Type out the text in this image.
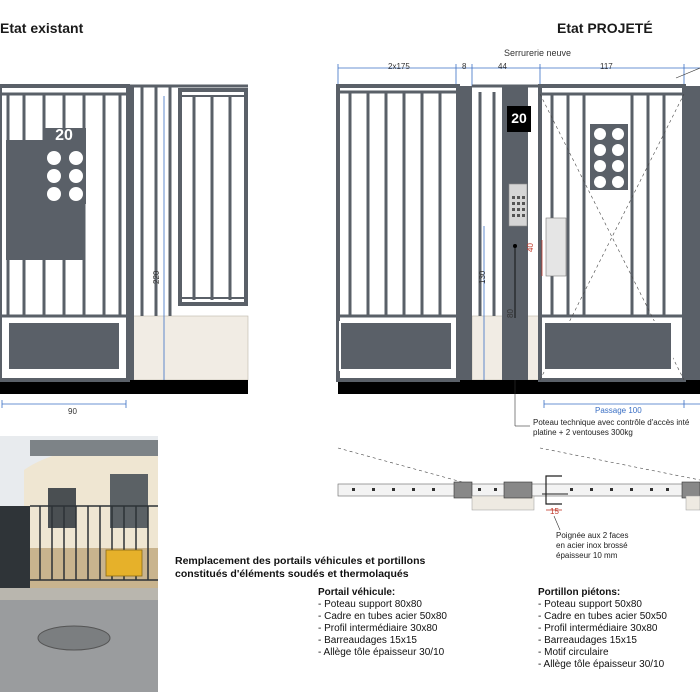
Etat existant	Etat PROJETÉ
Serrurerie neuve
2x175	8	44	117
20
20
220	130
40
80
90	Passage 100
15
Poteau technique avec contrôle d'accès inté
platine + 2 ventouses 300kg
Poignée aux 2 faces
en acier inox brossé
épaisseur 10 mm
Remplacement des portails véhicules et portillons
constitués d'éléments soudés et thermolaqués
Portail véhicule:
- Poteau support 80x80
- Cadre en tubes acier 50x80
- Profil intermédiaire 30x80
- Barreaudages 15x15
- Allège tôle épaisseur 30/10
Portillon piétons:
- Poteau support 50x80
- Cadre en tubes acier 50x50
- Profil intermédiaire 30x80
- Barreaudages 15x15
- Motif circulaire
- Allège tôle épaisseur 30/10
